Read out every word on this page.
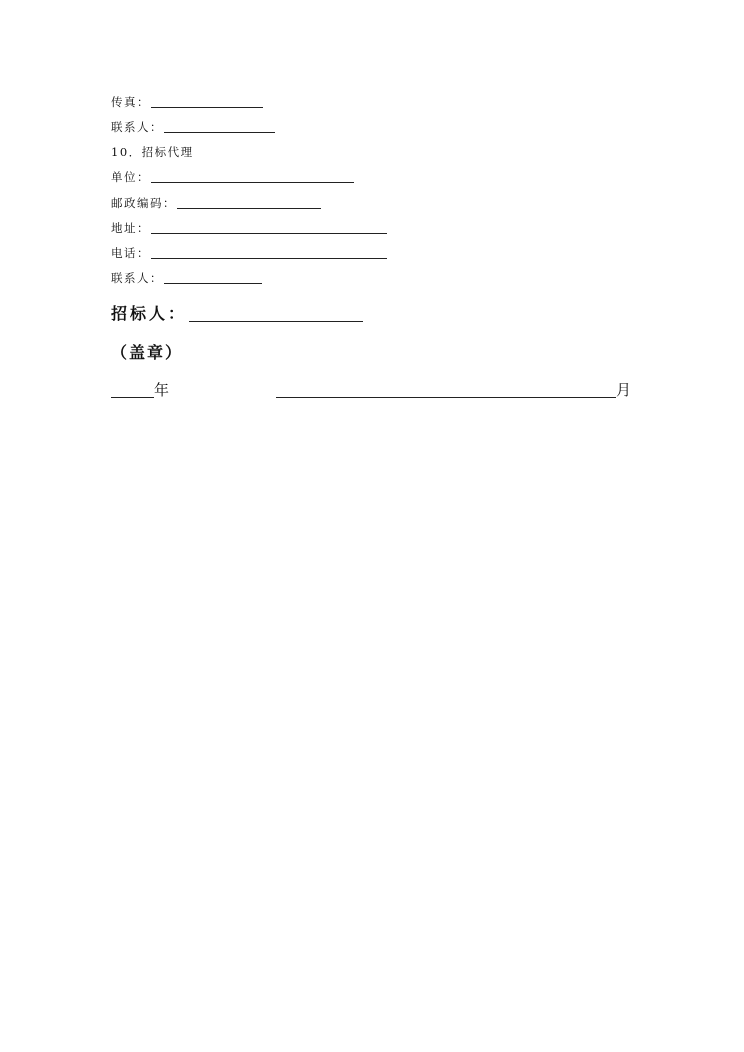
传真：
联系人：
10．招标代理
单位：
邮政编码：
地址：
电话：
联系人：
招标人：
（盖章）
年	月
